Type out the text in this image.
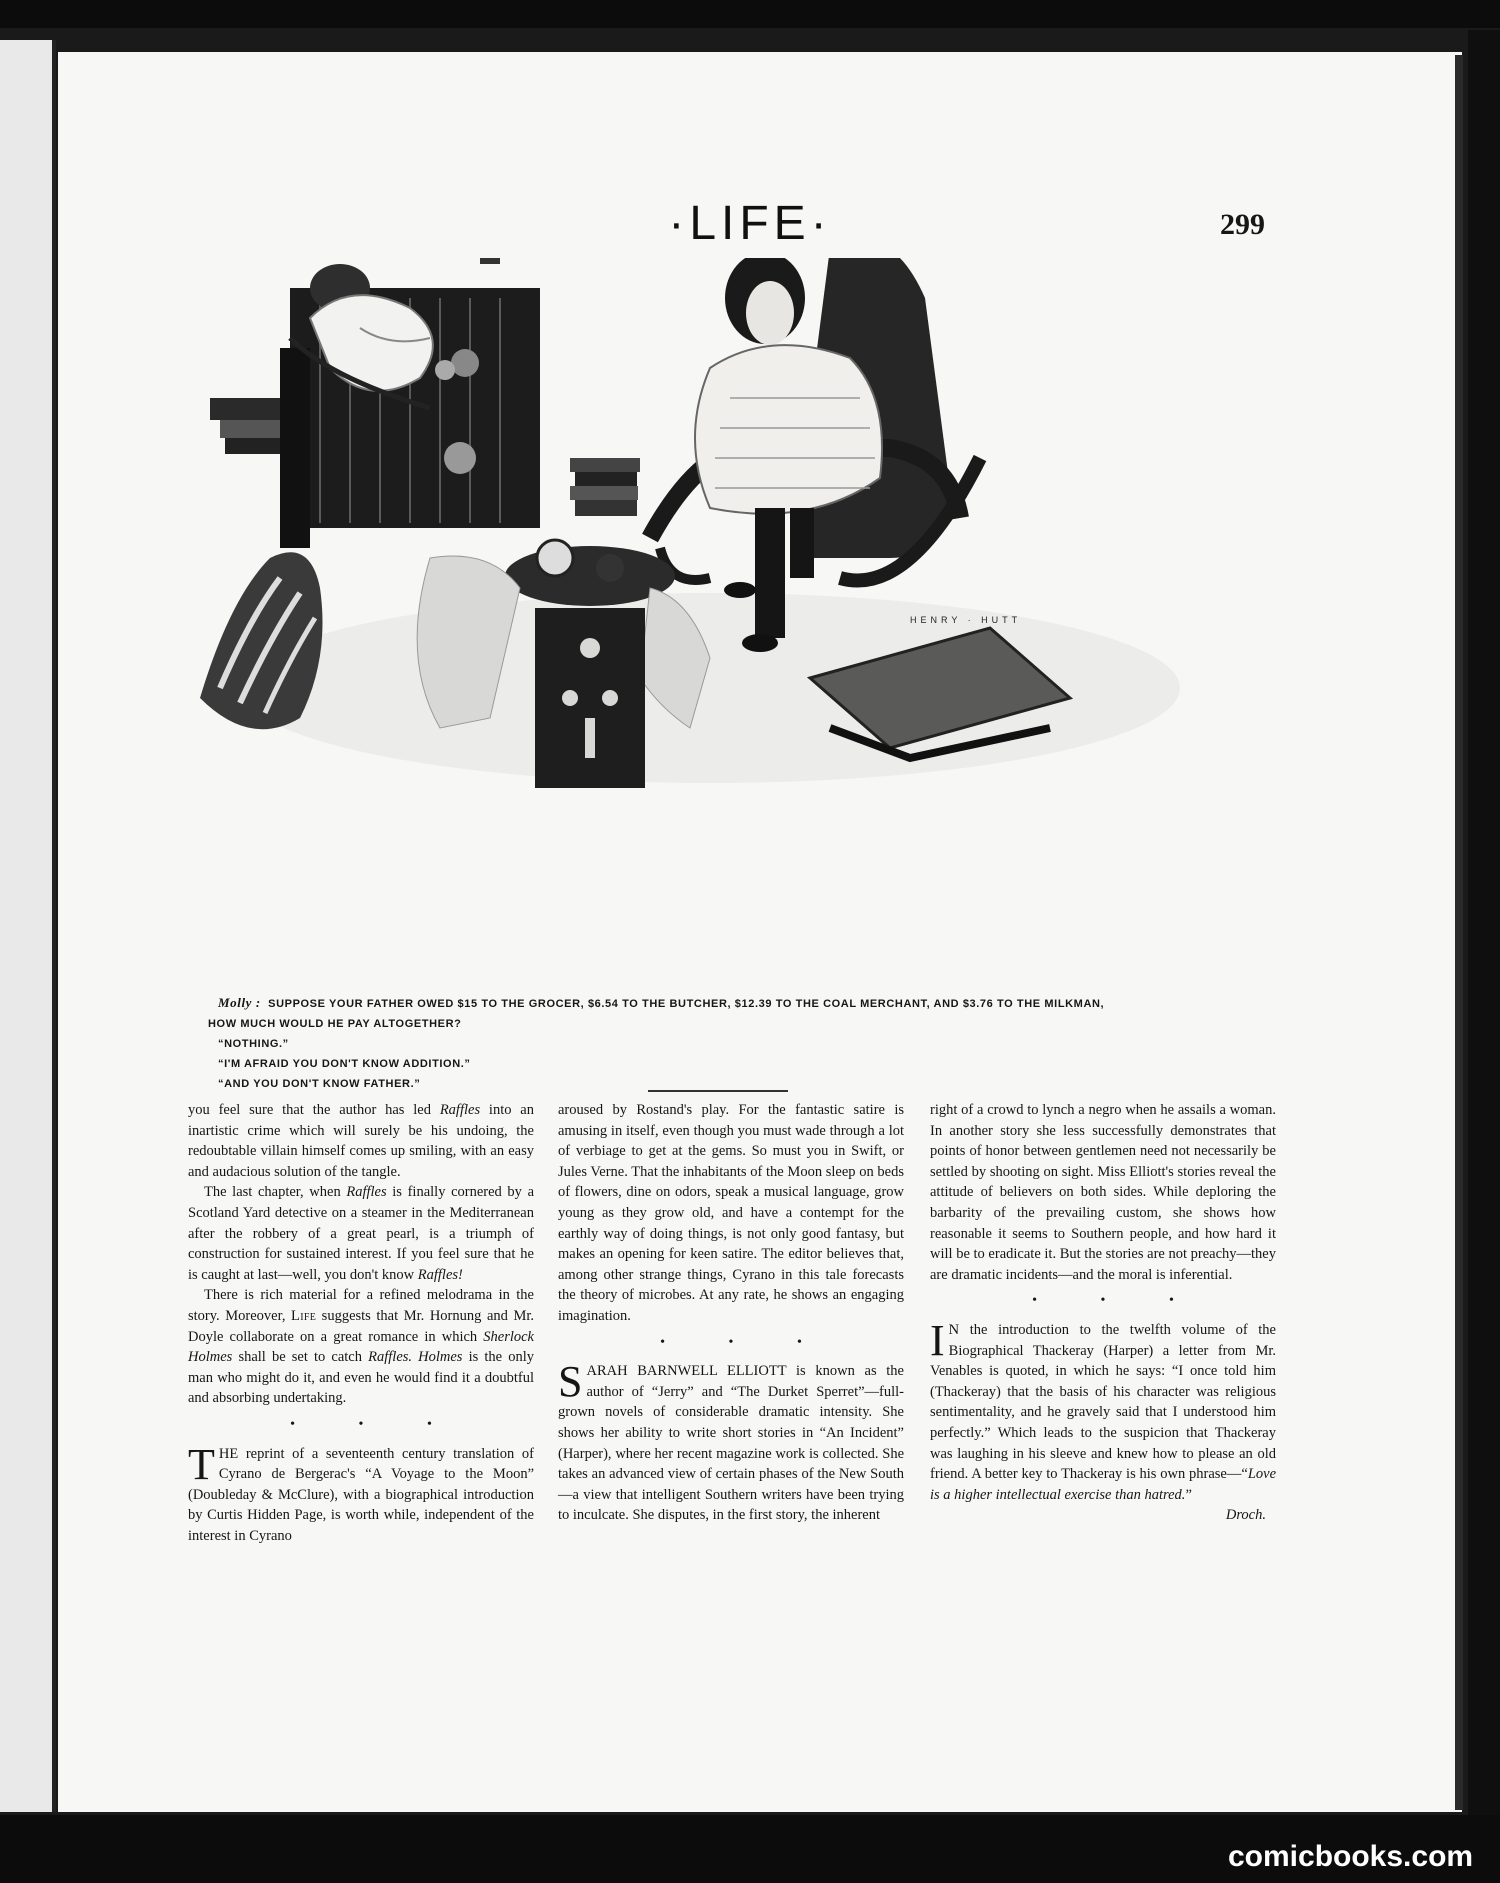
·LIFE·	299
HENRY · HUTT
Molly : SUPPOSE YOUR FATHER OWED $15 TO THE GROCER, $6.54 TO THE BUTCHER, $12.39 TO THE COAL MERCHANT, AND $3.76 TO THE MILKMAN,
HOW MUCH WOULD HE PAY ALTOGETHER?
“NOTHING.”
“I'M AFRAID YOU DON'T KNOW ADDITION.”
“AND YOU DON'T KNOW FATHER.”

you feel sure that the author has led Raffles into an inartistic crime which will surely be his undoing, the redoubtable villain himself comes up smiling, with an easy and audacious solution of the tangle.

The last chapter, when Raffles is finally cornered by a Scotland Yard detective on a steamer in the Mediterranean after the robbery of a great pearl, is a triumph of construction for sustained interest. If you feel sure that he is caught at last—well, you don't know Raffles!

There is rich material for a refined melodrama in the story. Moreover, Life suggests that Mr. Hornung and Mr. Doyle collaborate on a great romance in which Sherlock Holmes shall be set to catch Raffles. Holmes is the only man who might do it, and even he would find it a doubtful and absorbing undertaking.

• • •

THE reprint of a seventeenth century translation of Cyrano de Bergerac's “A Voyage to the Moon” (Doubleday & McClure), with a biographical introduction by Curtis Hidden Page, is worth while, independent of the interest in Cyrano

aroused by Rostand's play. For the fantastic satire is amusing in itself, even though you must wade through a lot of verbiage to get at the gems. So must you in Swift, or Jules Verne. That the inhabitants of the Moon sleep on beds of flowers, dine on odors, speak a musical language, grow young as they grow old, and have a contempt for the earthly way of doing things, is not only good fantasy, but makes an opening for keen satire. The editor believes that, among other strange things, Cyrano in this tale forecasts the theory of microbes. At any rate, he shows an engaging imagination.

• • •

SARAH BARNWELL ELLIOTT is known as the author of “Jerry” and “The Durket Sperret”—full-grown novels of considerable dramatic intensity. She shows her ability to write short stories in “An Incident” (Harper), where her recent magazine work is collected. She takes an advanced view of certain phases of the New South—a view that intelligent Southern writers have been trying to inculcate. She disputes, in the first story, the inherent

right of a crowd to lynch a negro when he assails a woman. In another story she less successfully demonstrates that points of honor between gentlemen need not necessarily be settled by shooting on sight. Miss Elliott's stories reveal the attitude of believers on both sides. While deploring the barbarity of the prevailing custom, she shows how reasonable it seems to Southern people, and how hard it will be to eradicate it. But the stories are not preachy—they are dramatic incidents—and the moral is inferential.

• • •

I N the introduction to the twelfth volume of the Biographical Thackeray (Harper) a letter from Mr. Venables is quoted, in which he says: “I once told him (Thackeray) that the basis of his character was religious sentimentality, and he gravely said that I understood him perfectly.” Which leads to the suspicion that Thackeray was laughing in his sleeve and knew how to please an old friend. A better key to Thackeray is his own phrase—“Love is a higher intellectual exercise than hatred.”

Droch.

comicbooks.com
